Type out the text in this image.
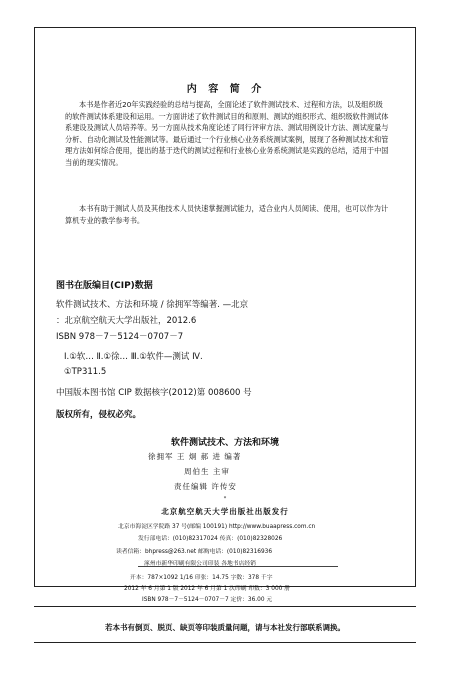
内 容 简 介
本书是作者近20年实践经验的总结与提高，全面论述了软件测试技术、过程和方法，以及组织级的软件测试体系建设和运用。一方面讲述了软件测试目的和原则、测试的组织形式、组织级软件测试体系建设及测试人员培养等。另一方面从技术角度论述了同行评审方法、测试用例设计方法、测试度量与分析、自动化测试及性能测试等。最后通过一个行业核心业务系统测试案例，展现了各种测试技术和管理方法如何综合使用，提出的基于迭代的测试过程和行业核心业务系统测试是实践的总结，适用于中国当前的现实情况。
本书有助于测试人员及其他技术人员快速掌握测试能力，适合业内人员阅读、使用，也可以作为计算机专业的教学参考书。
图书在版编目(CIP)数据
软件测试技术、方法和环境 / 徐拥军等编著. —北京
：北京航空航天大学出版社，2012.6
ISBN 978－7－5124－0707－7
Ⅰ.①软… Ⅱ.①徐… Ⅲ.①软件—测试 Ⅳ.
①TP311.5
中国版本图书馆 CIP 数据核字(2012)第 008600 号
版权所有，侵权必究。
软件测试技术、方法和环境
徐拥军 王 炯 郝 进 编著
周伯生 主审
责任编辑 许传安
*
北京航空航天大学出版社出版发行
北京市海淀区学院路 37 号(邮编 100191) http://www.buaapress.com.cn
发行部电话：(010)82317024 传真：(010)82328026
读者信箱：bhpress@263.net 邮购电话：(010)82316936
涿州市新华印刷有限公司印装 各地书店经销
开本：787×1092 1/16 印张：14.75 字数：378 千字
2012 年 6 月第 1 版 2012 年 6 月第 1 次印刷 印数：3 000 册
ISBN 978－7－5124－0707－7 定价：36.00 元
若本书有倒页、脱页、缺页等印装质量问题，请与本社发行部联系调换。
